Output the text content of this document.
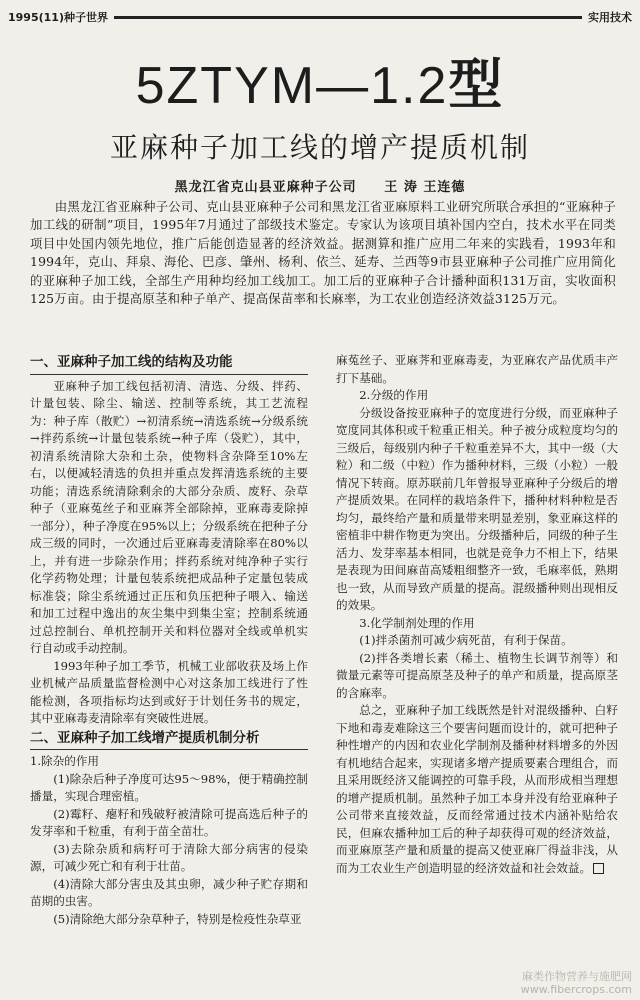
1995(11)种子世界	实用技术
5ZTYM—1.2型
亚麻种子加工线的增产提质机制
黑龙江省克山县亚麻种子公司 王 涛 王连德
由黑龙江省亚麻种子公司、克山县亚麻种子公司和黑龙江省亚麻原料工业研究所联合承担的“亚麻种子加工线的研制”项目，1995年7月通过了部级技术鉴定。专家认为该项目填补国内空白，技术水平在同类项目中处国内领先地位，推广后能创造显著的经济效益。据测算和推广应用二年来的实践看，1993年和1994年，克山、拜泉、海伦、巴彦、肇州、杨利、依兰、延寿、兰西等9市县亚麻种子公司推广应用简化的亚麻种子加工线，全部生产用种均经加工线加工。加工后的亚麻种子合计播种面积131万亩，实收面积125万亩。由于提高原茎和种子单产、提高保苗率和长麻率，为工农业创造经济效益3125万元。
一、亚麻种子加工线的结构及功能

亚麻种子加工线包括初清、清选、分级、拌药、计量包装、除尘、输送、控制等系统，其工艺流程为：种子库（散贮）→初清系统→清选系统→分级系统→拌药系统→计量包装系统→种子库（袋贮），其中，初清系统清除大杂和土杂，使物料含杂降至10%左右，以便减轻清选的负担并重点发挥清选系统的主要功能；清选系统清除剩余的大部分杂质、废籽、杂草种子（亚麻菟丝子和亚麻荠全部除掉，亚麻毒麦除掉一部分），种子净度在95%以上；分级系统在把种子分成三级的同时，一次通过后亚麻毒麦清除率在80%以上，并有进一步除杂作用；拌药系统对纯净种子实行化学药物处理；计量包装系统把成品种子定量包装成标准袋；除尘系统通过正压和负压把种子喂入、输送和加工过程中逸出的灰尘集中到集尘室；控制系统通过总控制台、单机控制开关和料位器对全线或单机实行自动或手动控制。

1993年种子加工季节，机械工业部收获及场上作业机械产品质量监督检测中心对这条加工线进行了性能检测，各项指标均达到或好于计划任务书的规定，其中亚麻毒麦清除率有突破性进展。

二、亚麻种子加工线增产提质机制分析

1.除杂的作用

(1)除杂后种子净度可达95～98%，便于精确控制播量，实现合理密植。

(2)霉籽、瘪籽和残破籽被清除可提高选后种子的发芽率和千粒重，有利于苗全苗壮。

(3)去除杂质和病籽可于清除大部分病害的侵染源，可减少死亡和有利于壮苗。

(4)清除大部分害虫及其虫卵，减少种子贮存期和苗期的虫害。

(5)清除绝大部分杂草种子，特别是检疫性杂草亚

麻菟丝子、亚麻荠和亚麻毒麦，为亚麻农产品优质丰产打下基础。

2.分级的作用

分级设备按亚麻种子的宽度进行分级，而亚麻种子宽度同其体积或千粒重正相关。种子被分成粒度均匀的三级后，每级别内种子千粒重差异不大，其中一级（大粒）和二级（中粒）作为播种材料，三级（小粒）一般情况下转商。原苏联前几年曾报导亚麻种子分级后的增产提质效果。在同样的栽培条件下，播种材料种粒是否均匀，最终给产量和质量带来明显差别，象亚麻这样的密植非中耕作物更为突出。分级播种后，同级的种子生活力、发芽率基本相同，也就是竞争力不相上下，结果是表现为田间麻苗高矮粗细整齐一致，毛麻率低，熟期也一致，从而导致产质量的提高。混级播种则出现相反的效果。

3.化学制剂处理的作用

(1)拌杀菌剂可减少病死苗，有利于保苗。

(2)拌各类增长素（稀土、植物生长调节剂等）和微量元素等可提高原茎及种子的单产和质量，提高原茎的含麻率。

总之，亚麻种子加工线既然是针对混级播种、白籽下地和毒麦难除这三个要害问题而设计的，就可把种子种性增产的内因和农业化学制剂及播种材料增多的外因有机地结合起来，实现诸多增产提质要素合理组合，而且采用既经济又能调控的可靠手段，从而形成相当理想的增产提质机制。虽然种子加工本身并没有给亚麻种子公司带来直接效益，反而经常通过技术内涵补贴给农民，但麻农播种加工后的种子却获得可观的经济效益，而亚麻原茎产量和质量的提高又使亚麻厂得益非浅，从而为工农业生产创造明显的经济效益和社会效益。

麻类作物营养与施肥网
www.fibercrops.com
